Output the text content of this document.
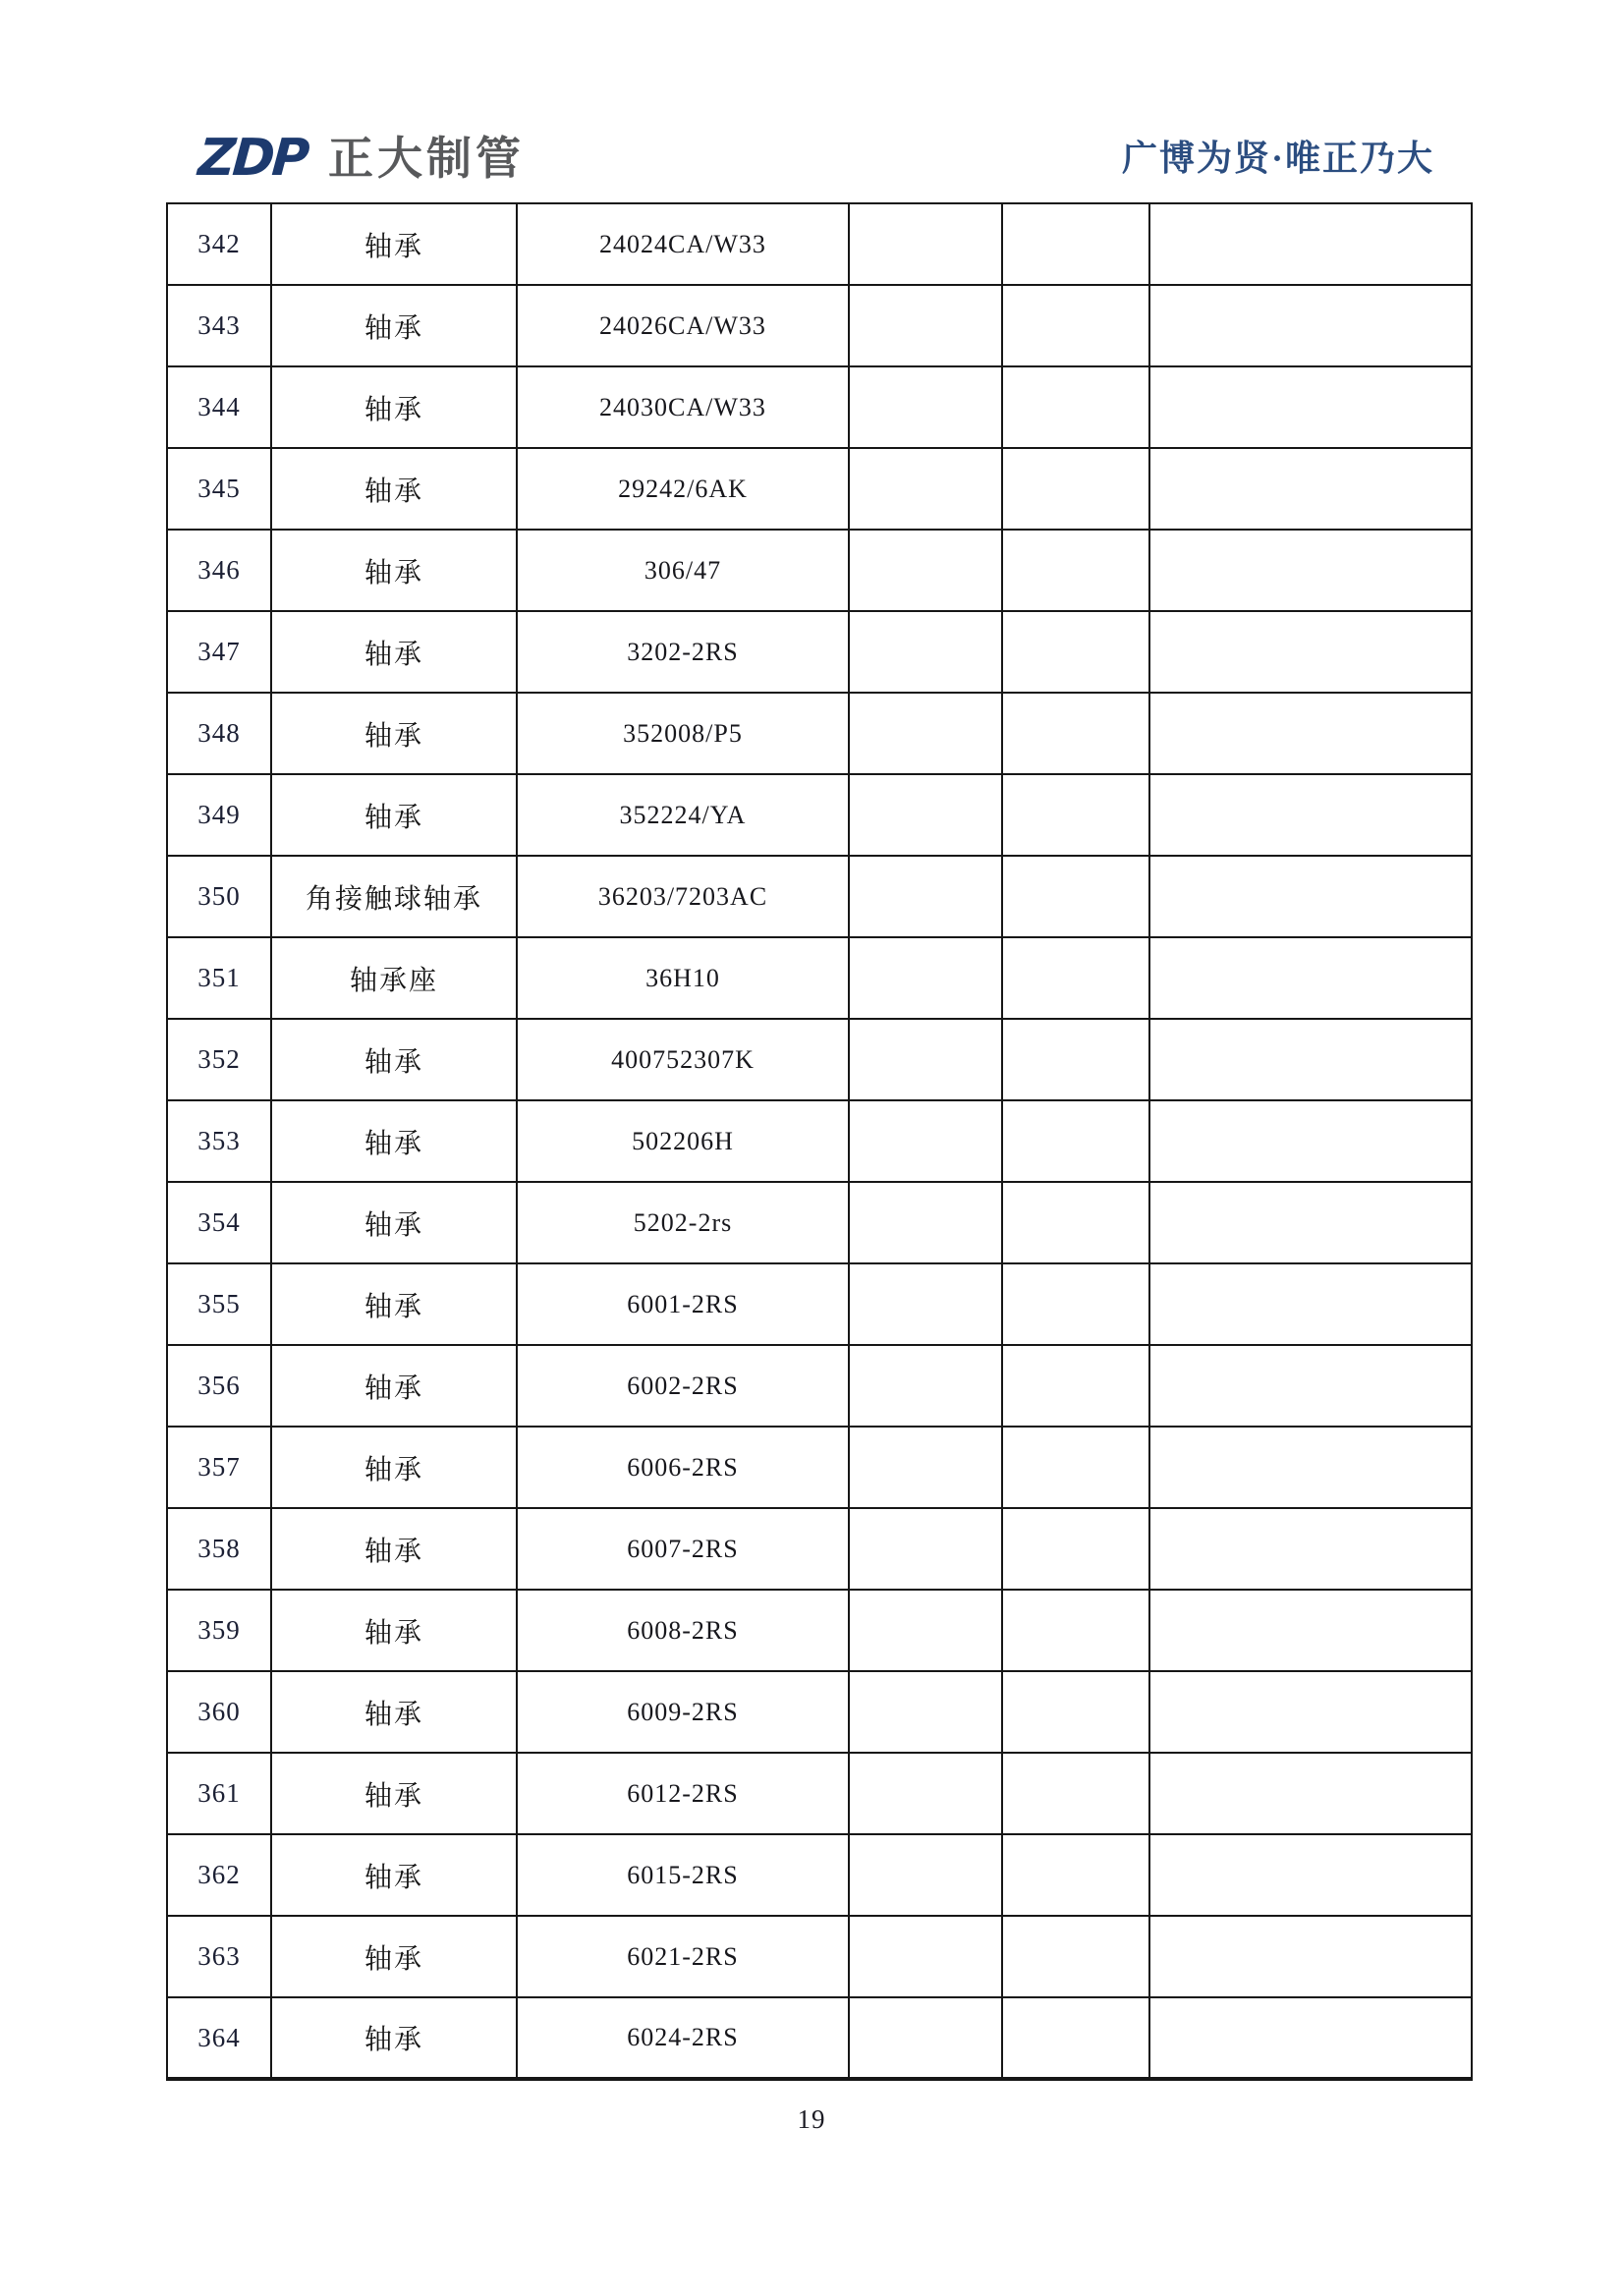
ZDP 正大制管	广博为贤·唯正乃大
342	轴承	24024CA/W33			
343	轴承	24026CA/W33			
344	轴承	24030CA/W33			
345	轴承	29242/6AK			
346	轴承	306/47			
347	轴承	3202-2RS			
348	轴承	352008/P5			
349	轴承	352224/YA			
350	角接触球轴承	36203/7203AC			
351	轴承座	36H10			
352	轴承	400752307K			
353	轴承	502206H			
354	轴承	5202-2rs			
355	轴承	6001-2RS			
356	轴承	6002-2RS			
357	轴承	6006-2RS			
358	轴承	6007-2RS			
359	轴承	6008-2RS			
360	轴承	6009-2RS			
361	轴承	6012-2RS			
362	轴承	6015-2RS			
363	轴承	6021-2RS			
364	轴承	6024-2RS			
19
